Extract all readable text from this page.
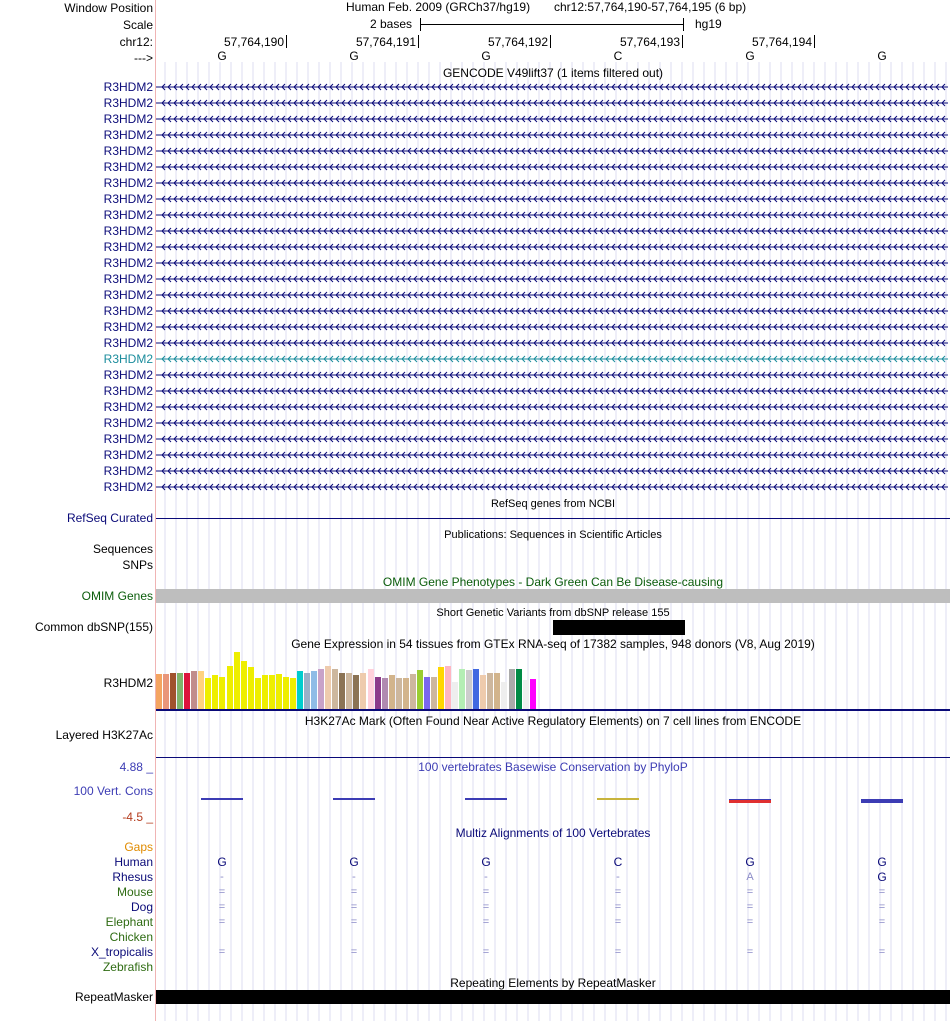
Window Position	Human Feb. 2009 (GRCh37/hg19) chr12:57,764,190-57,764,195 (6 bp)
Scale	2 bases	hg19
chr12:	57,764,190	57,764,191	57,764,192	57,764,193	57,764,194
--->	G	G	G	C	G	G
GENCODE V49lift37 (1 items filtered out)
R3HDM2
R3HDM2
R3HDM2
R3HDM2
R3HDM2
R3HDM2
R3HDM2
R3HDM2
R3HDM2
R3HDM2
R3HDM2
R3HDM2
R3HDM2
R3HDM2
R3HDM2
R3HDM2
R3HDM2
R3HDM2
R3HDM2
R3HDM2
R3HDM2
R3HDM2
R3HDM2
R3HDM2
R3HDM2
R3HDM2
RefSeq genes from NCBI
RefSeq Curated
Publications: Sequences in Scientific Articles
Sequences
SNPs
OMIM Gene Phenotypes - Dark Green Can Be Disease-causing
OMIM Genes
Short Genetic Variants from dbSNP release 155
Common dbSNP(155)
Gene Expression in 54 tissues from GTEx RNA-seq of 17382 samples, 948 donors (V8, Aug 2019)
R3HDM2
H3K27Ac Mark (Often Found Near Active Regulatory Elements) on 7 cell lines from ENCODE
Layered H3K27Ac
4.88 _	100 vertebrates Basewise Conservation by PhyloP
100 Vert. Cons
-4.5 _
Multiz Alignments of 100 Vertebrates
Gaps
Human	G	G	G	C	G	G
Rhesus	-	-	-	-	A	G
Mouse	=	=	=	=	=	=
Dog	=	=	=	=	=	=
Elephant	=	=	=	=	=	=
Chicken
X_tropicalis	=	=	=	=	=	=
Zebrafish
Repeating Elements by RepeatMasker
RepeatMasker
